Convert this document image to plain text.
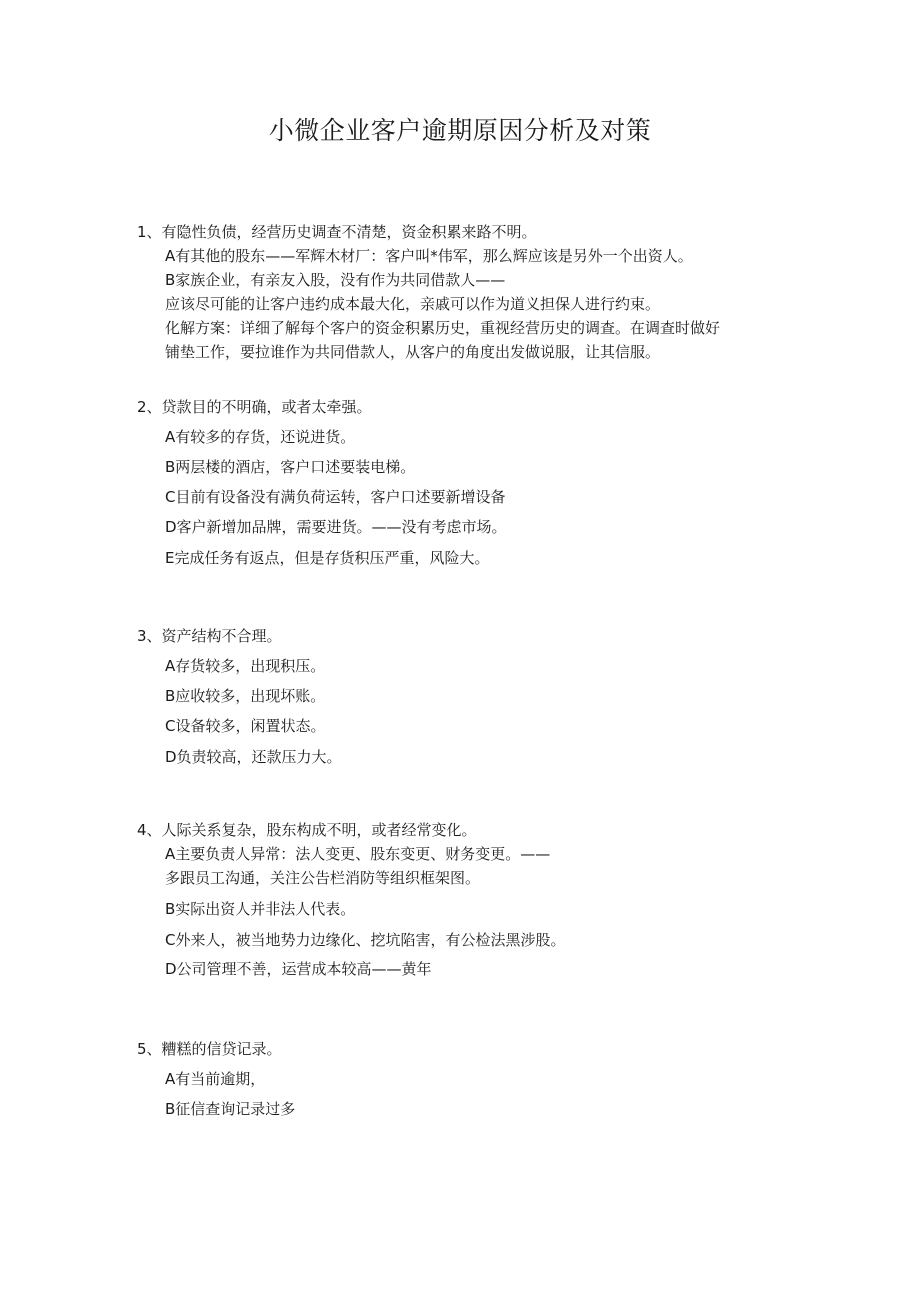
小微企业客户逾期原因分析及对策
1、有隐性负债，经营历史调查不清楚，资金积累来路不明。
A有其他的股东——军辉木材厂：客户叫*伟军，那么辉应该是另外一个出资人。
B家族企业，有亲友入股，没有作为共同借款人——
应该尽可能的让客户违约成本最大化，亲戚可以作为道义担保人进行约束。
化解方案：详细了解每个客户的资金积累历史，重视经营历史的调查。在调查时做好
铺垫工作，要拉谁作为共同借款人，从客户的角度出发做说服，让其信服。
2、贷款目的不明确，或者太牵强。
A有较多的存货，还说进货。
B两层楼的酒店，客户口述要装电梯。
C目前有设备没有满负荷运转，客户口述要新增设备
D客户新增加品牌，需要进货。——没有考虑市场。
E完成任务有返点，但是存货积压严重，风险大。
3、资产结构不合理。
A存货较多，出现积压。
B应收较多，出现坏账。
C设备较多，闲置状态。
D负责较高，还款压力大。
4、人际关系复杂，股东构成不明，或者经常变化。
A主要负责人异常：法人变更、股东变更、财务变更。——
多跟员工沟通，关注公告栏消防等组织框架图。
B实际出资人并非法人代表。
C外来人，被当地势力边缘化、挖坑陷害，有公检法黑涉股。
D公司管理不善，运营成本较高——黄年
5、糟糕的信贷记录。
A有当前逾期，
B征信查询记录过多
